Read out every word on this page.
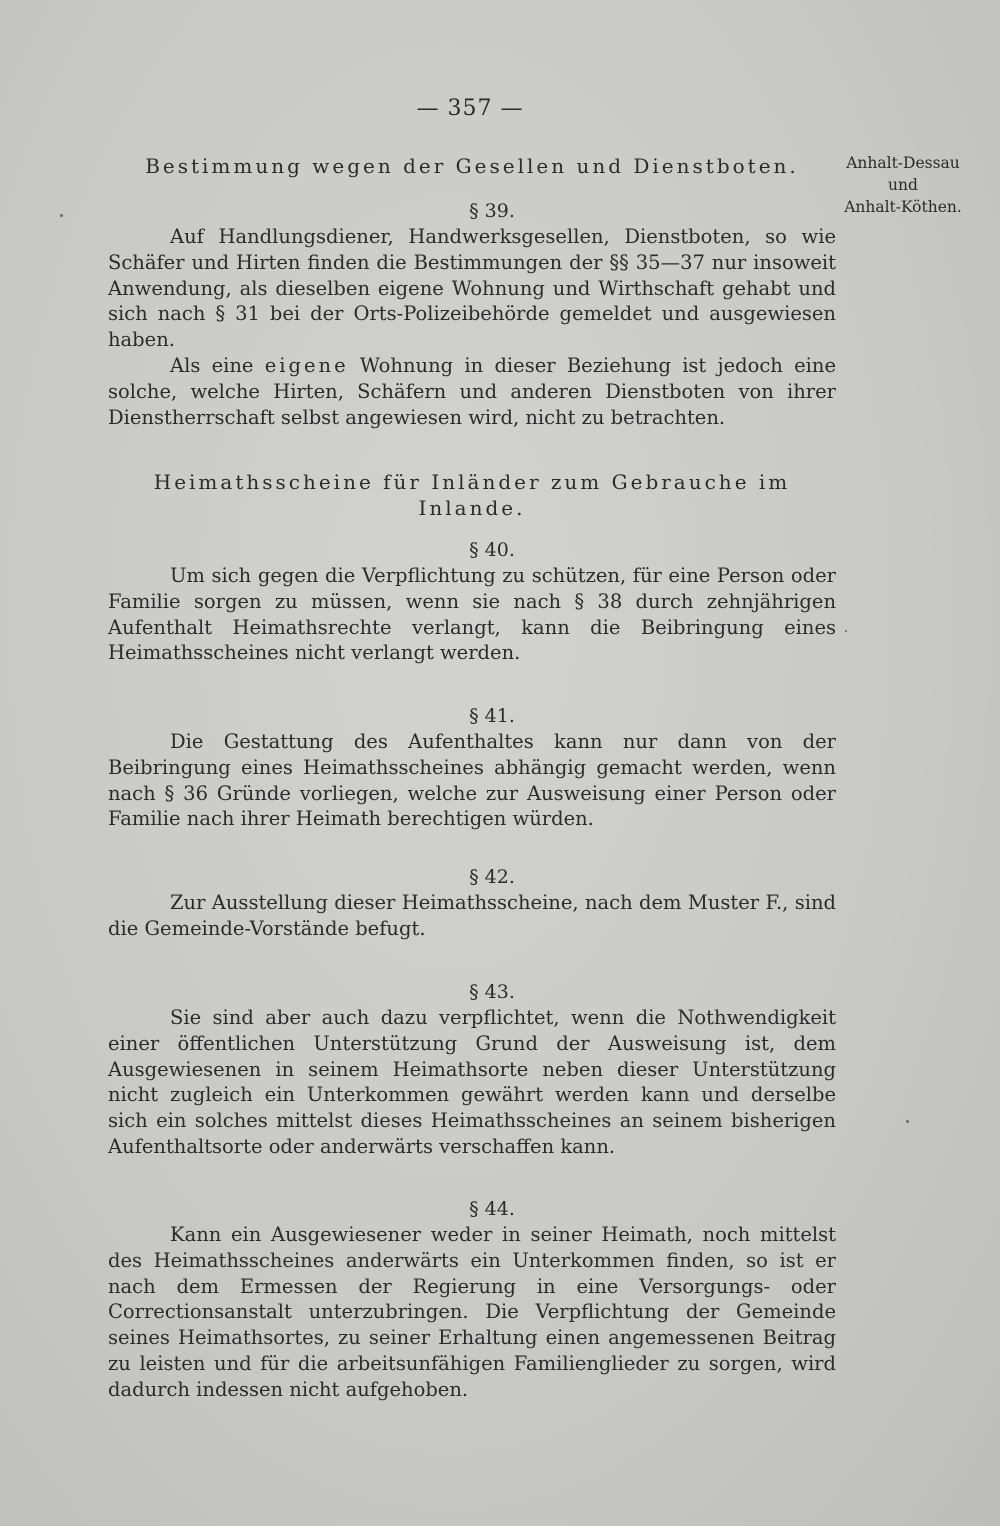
— 357 —
Anhalt-Dessau
und
Anhalt-Köthen.
Bestimmung wegen der Gesellen und Dienstboten.
§ 39.

Auf Handlungsdiener, Handwerksgesellen, Dienstboten, so wie Schäfer und Hirten finden die Bestimmungen der §§ 35—37 nur insoweit Anwendung, als dieselben eigene Wohnung und Wirthschaft gehabt und sich nach § 31 bei der Orts-Polizeibehörde gemeldet und ausgewiesen haben.

Als eine eigene Wohnung in dieser Beziehung ist jedoch eine solche, welche Hirten, Schäfern und anderen Dienstboten von ihrer Dienstherrschaft selbst angewiesen wird, nicht zu betrachten.

Heimathsscheine für Inländer zum Gebrauche im
Inlande.
§ 40.

Um sich gegen die Verpflichtung zu schützen, für eine Person oder Familie sorgen zu müssen, wenn sie nach § 38 durch zehnjährigen Aufenthalt Heimathsrechte verlangt, kann die Beibringung eines Heimathsscheines nicht verlangt werden.

§ 41.

Die Gestattung des Aufenthaltes kann nur dann von der Beibringung eines Heimathsscheines abhängig gemacht werden, wenn nach § 36 Gründe vorliegen, welche zur Ausweisung einer Person oder Familie nach ihrer Heimath berechtigen würden.

§ 42.

Zur Ausstellung dieser Heimathsscheine, nach dem Muster F., sind die Gemeinde-Vorstände befugt.

§ 43.

Sie sind aber auch dazu verpflichtet, wenn die Nothwendigkeit einer öffentlichen Unterstützung Grund der Ausweisung ist, dem Ausgewiesenen in seinem Heimathsorte neben dieser Unterstützung nicht zugleich ein Unterkommen gewährt werden kann und derselbe sich ein solches mittelst dieses Heimathsscheines an seinem bisherigen Aufenthaltsorte oder anderwärts verschaffen kann.

§ 44.

Kann ein Ausgewiesener weder in seiner Heimath, noch mittelst des Heimathsscheines anderwärts ein Unterkommen finden, so ist er nach dem Ermessen der Regierung in eine Versorgungs- oder Correctionsanstalt unterzubringen. Die Verpflichtung der Gemeinde seines Heimathsortes, zu seiner Erhaltung einen angemessenen Beitrag zu leisten und für die arbeitsunfähigen Familienglieder zu sorgen, wird dadurch indessen nicht aufgehoben.
